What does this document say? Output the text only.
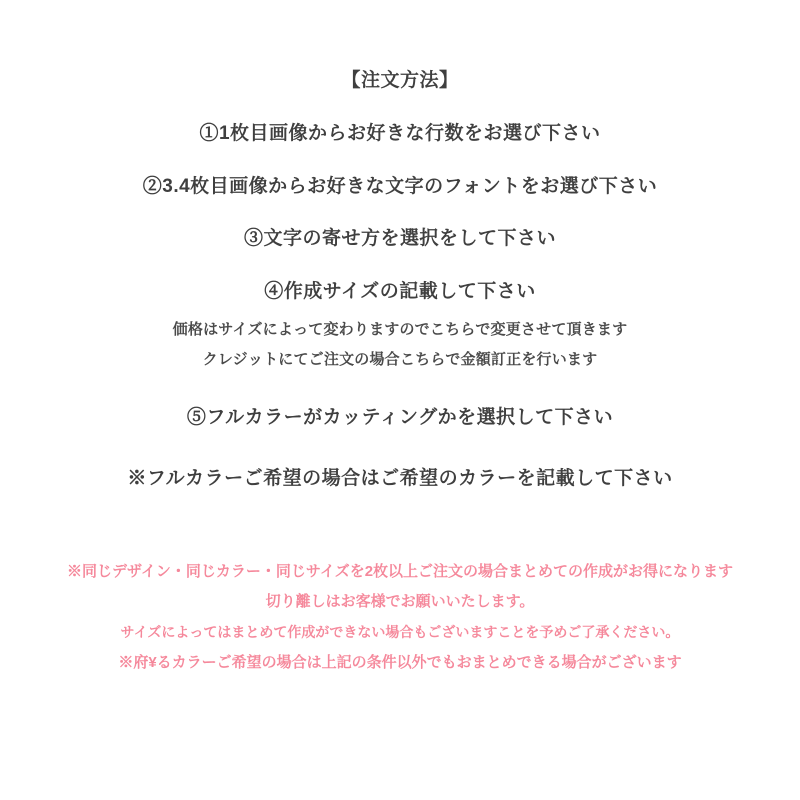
【注文方法】
①1枚目画像からお好きな行数をお選び下さい
②3.4枚目画像からお好きな文字のフォントをお選び下さい
③文字の寄せ方を選択をして下さい
④作成サイズの記載して下さい
価格はサイズによって変わりますのでこちらで変更させて頂きます
クレジットにてご注文の場合こちらで金額訂正を行います
⑤フルカラーがカッティングかを選択して下さい
※フルカラーご希望の場合はご希望のカラーを記載して下さい
※同じデザイン・同じカラー・同じサイズを2枚以上ご注文の場合まとめての作成がお得になります
切り離しはお客様でお願いいたします。
サイズによってはまとめて作成ができない場合もございますことを予めご了承ください。
※府¥るカラーご希望の場合は上記の条件以外でもおまとめできる場合がございます
